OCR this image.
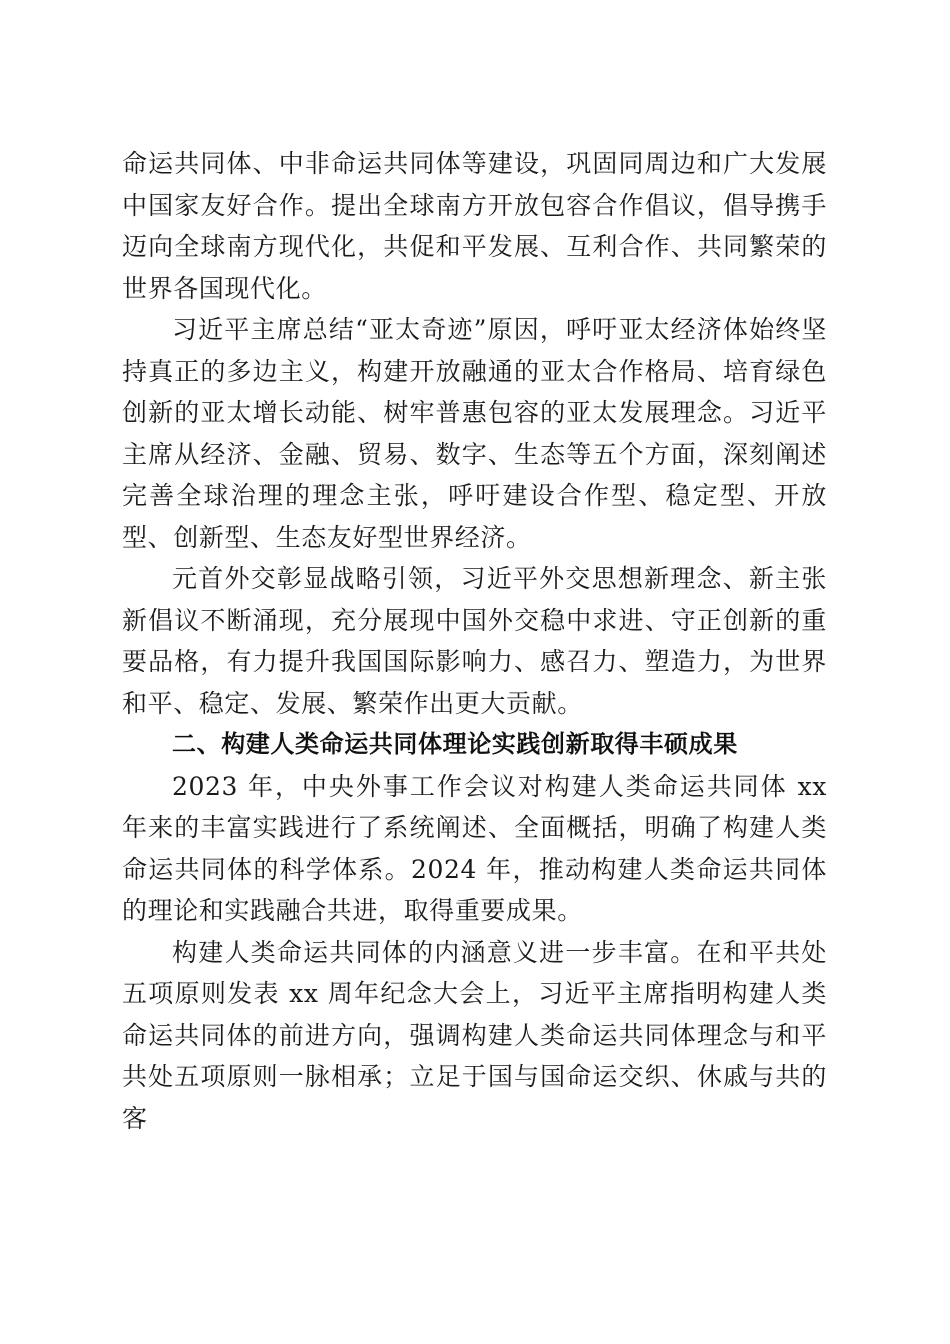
命运共同体、中非命运共同体等建设，巩固同周边和广大发展中国家友好合作。提出全球南方开放包容合作倡议，倡导携手迈向全球南方现代化，共促和平发展、互利合作、共同繁荣的世界各国现代化。

习近平主席总结“亚太奇迹”原因，呼吁亚太经济体始终坚持真正的多边主义，构建开放融通的亚太合作格局、培育绿色创新的亚太增长动能、树牢普惠包容的亚太发展理念。习近平主席从经济、金融、贸易、数字、生态等五个方面，深刻阐述完善全球治理的理念主张，呼吁建设合作型、稳定型、开放型、创新型、生态友好型世界经济。

元首外交彰显战略引领，习近平外交思想新理念、新主张新倡议不断涌现，充分展现中国外交稳中求进、守正创新的重要品格，有力提升我国国际影响力、感召力、塑造力，为世界和平、稳定、发展、繁荣作出更大贡献。

二、构建人类命运共同体理论实践创新取得丰硕成果

2023 年，中央外事工作会议对构建人类命运共同体 xx 年来的丰富实践进行了系统阐述、全面概括，明确了构建人类命运共同体的科学体系。2024 年，推动构建人类命运共同体的理论和实践融合共进，取得重要成果。

构建人类命运共同体的内涵意义进一步丰富。在和平共处五项原则发表 xx 周年纪念大会上，习近平主席指明构建人类命运共同体的前进方向，强调构建人类命运共同体理念与和平共处五项原则一脉相承；立足于国与国命运交织、休戚与共的客
